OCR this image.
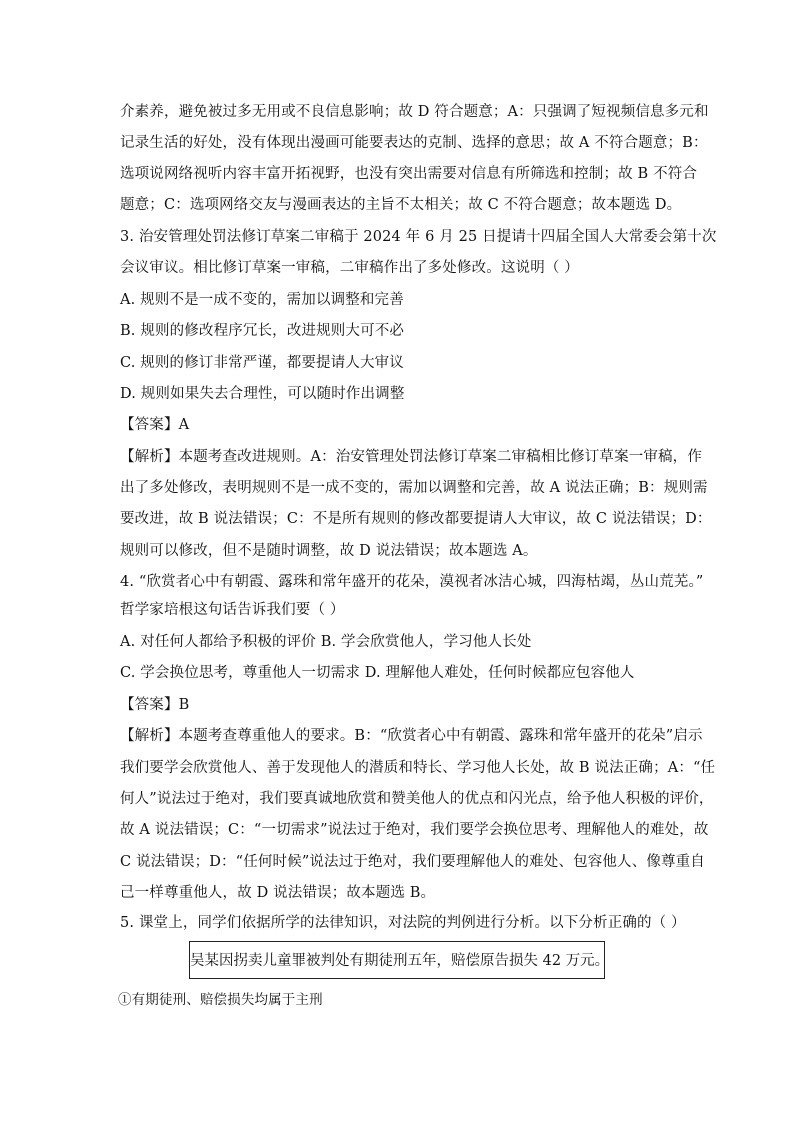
介素养，避免被过多无用或不良信息影响；故 D 符合题意；A：只强调了短视频信息多元和
记录生活的好处，没有体现出漫画可能要表达的克制、选择的意思；故 A 不符合题意；B：
选项说网络视听内容丰富开拓视野，也没有突出需要对信息有所筛选和控制；故 B 不符合
题意；C：选项网络交友与漫画表达的主旨不太相关；故 C 不符合题意；故本题选 D。
3. 治安管理处罚法修订草案二审稿于 2024 年 6 月 25 日提请十四届全国人大常委会第十次
会议审议。相比修订草案一审稿，二审稿作出了多处修改。这说明（ ）
A. 规则不是一成不变的，需加以调整和完善
B. 规则的修改程序冗长，改进规则大可不必
C. 规则的修订非常严谨，都要提请人大审议
D. 规则如果失去合理性，可以随时作出调整
【答案】A
【解析】本题考查改进规则。A：治安管理处罚法修订草案二审稿相比修订草案一审稿，作
出了多处修改，表明规则不是一成不变的，需加以调整和完善，故 A 说法正确；B：规则需
要改进，故 B 说法错误；C：不是所有规则的修改都要提请人大审议，故 C 说法错误；D：
规则可以修改，但不是随时调整，故 D 说法错误；故本题选 A。
4. “欣赏者心中有朝霞、露珠和常年盛开的花朵，漠视者冰洁心城，四海枯竭，丛山荒芜。”
哲学家培根这句话告诉我们要（ ）
A. 对任何人都给予积极的评价 B. 学会欣赏他人，学习他人长处
C. 学会换位思考，尊重他人一切需求 D. 理解他人难处，任何时候都应包容他人
【答案】B
【解析】本题考查尊重他人的要求。B：“欣赏者心中有朝霞、露珠和常年盛开的花朵”启示
我们要学会欣赏他人、善于发现他人的潜质和特长、学习他人长处，故 B 说法正确；A：“任
何人”说法过于绝对，我们要真诚地欣赏和赞美他人的优点和闪光点，给予他人积极的评价，
故 A 说法错误；C：“一切需求”说法过于绝对，我们要学会换位思考、理解他人的难处，故
C 说法错误；D：“任何时候”说法过于绝对，我们要理解他人的难处、包容他人、像尊重自
己一样尊重他人，故 D 说法错误；故本题选 B。
5. 课堂上，同学们依据所学的法律知识，对法院的判例进行分析。以下分析正确的（ ）
吴某因拐卖儿童罪被判处有期徒刑五年，赔偿原告损失 42 万元。
①有期徒刑、赔偿损失均属于主刑
